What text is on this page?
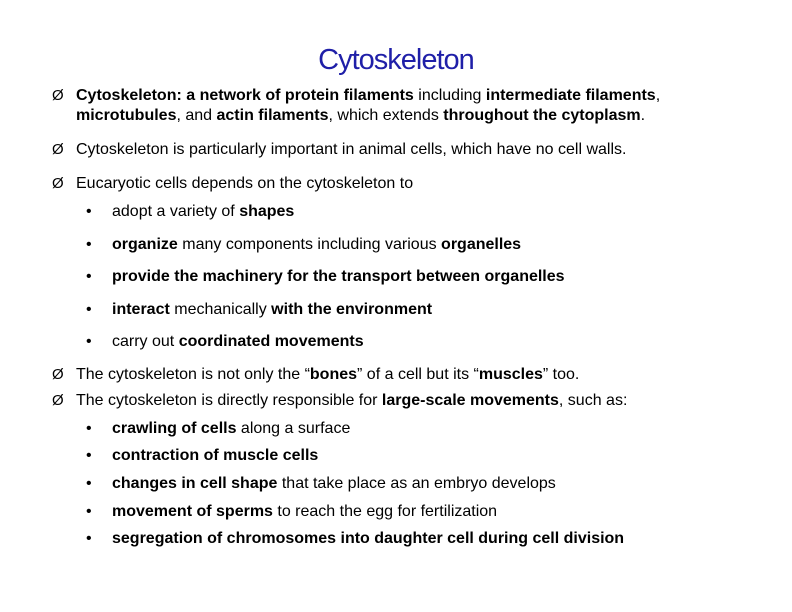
Cytoskeleton
Ø Cytoskeleton: a network of protein filaments including intermediate filaments, microtubules, and actin filaments, which extends throughout the cytoplasm.
Ø Cytoskeleton is particularly important in animal cells, which have no cell walls.
Ø Eucaryotic cells depends on the cytoskeleton to
•	adopt a variety of shapes
•	organize many components including various organelles
•	provide the machinery for the transport between organelles
•	interact mechanically with the environment
•	carry out coordinated movements
Ø The cytoskeleton is not only the “bones” of a cell but its “muscles” too.
Ø The cytoskeleton is directly responsible for large-scale movements, such as:
•	crawling of cells along a surface
•	contraction of muscle cells
•	changes in cell shape that take place as an embryo develops
•	movement of sperms to reach the egg for fertilization
•	segregation of chromosomes into daughter cell during cell division
